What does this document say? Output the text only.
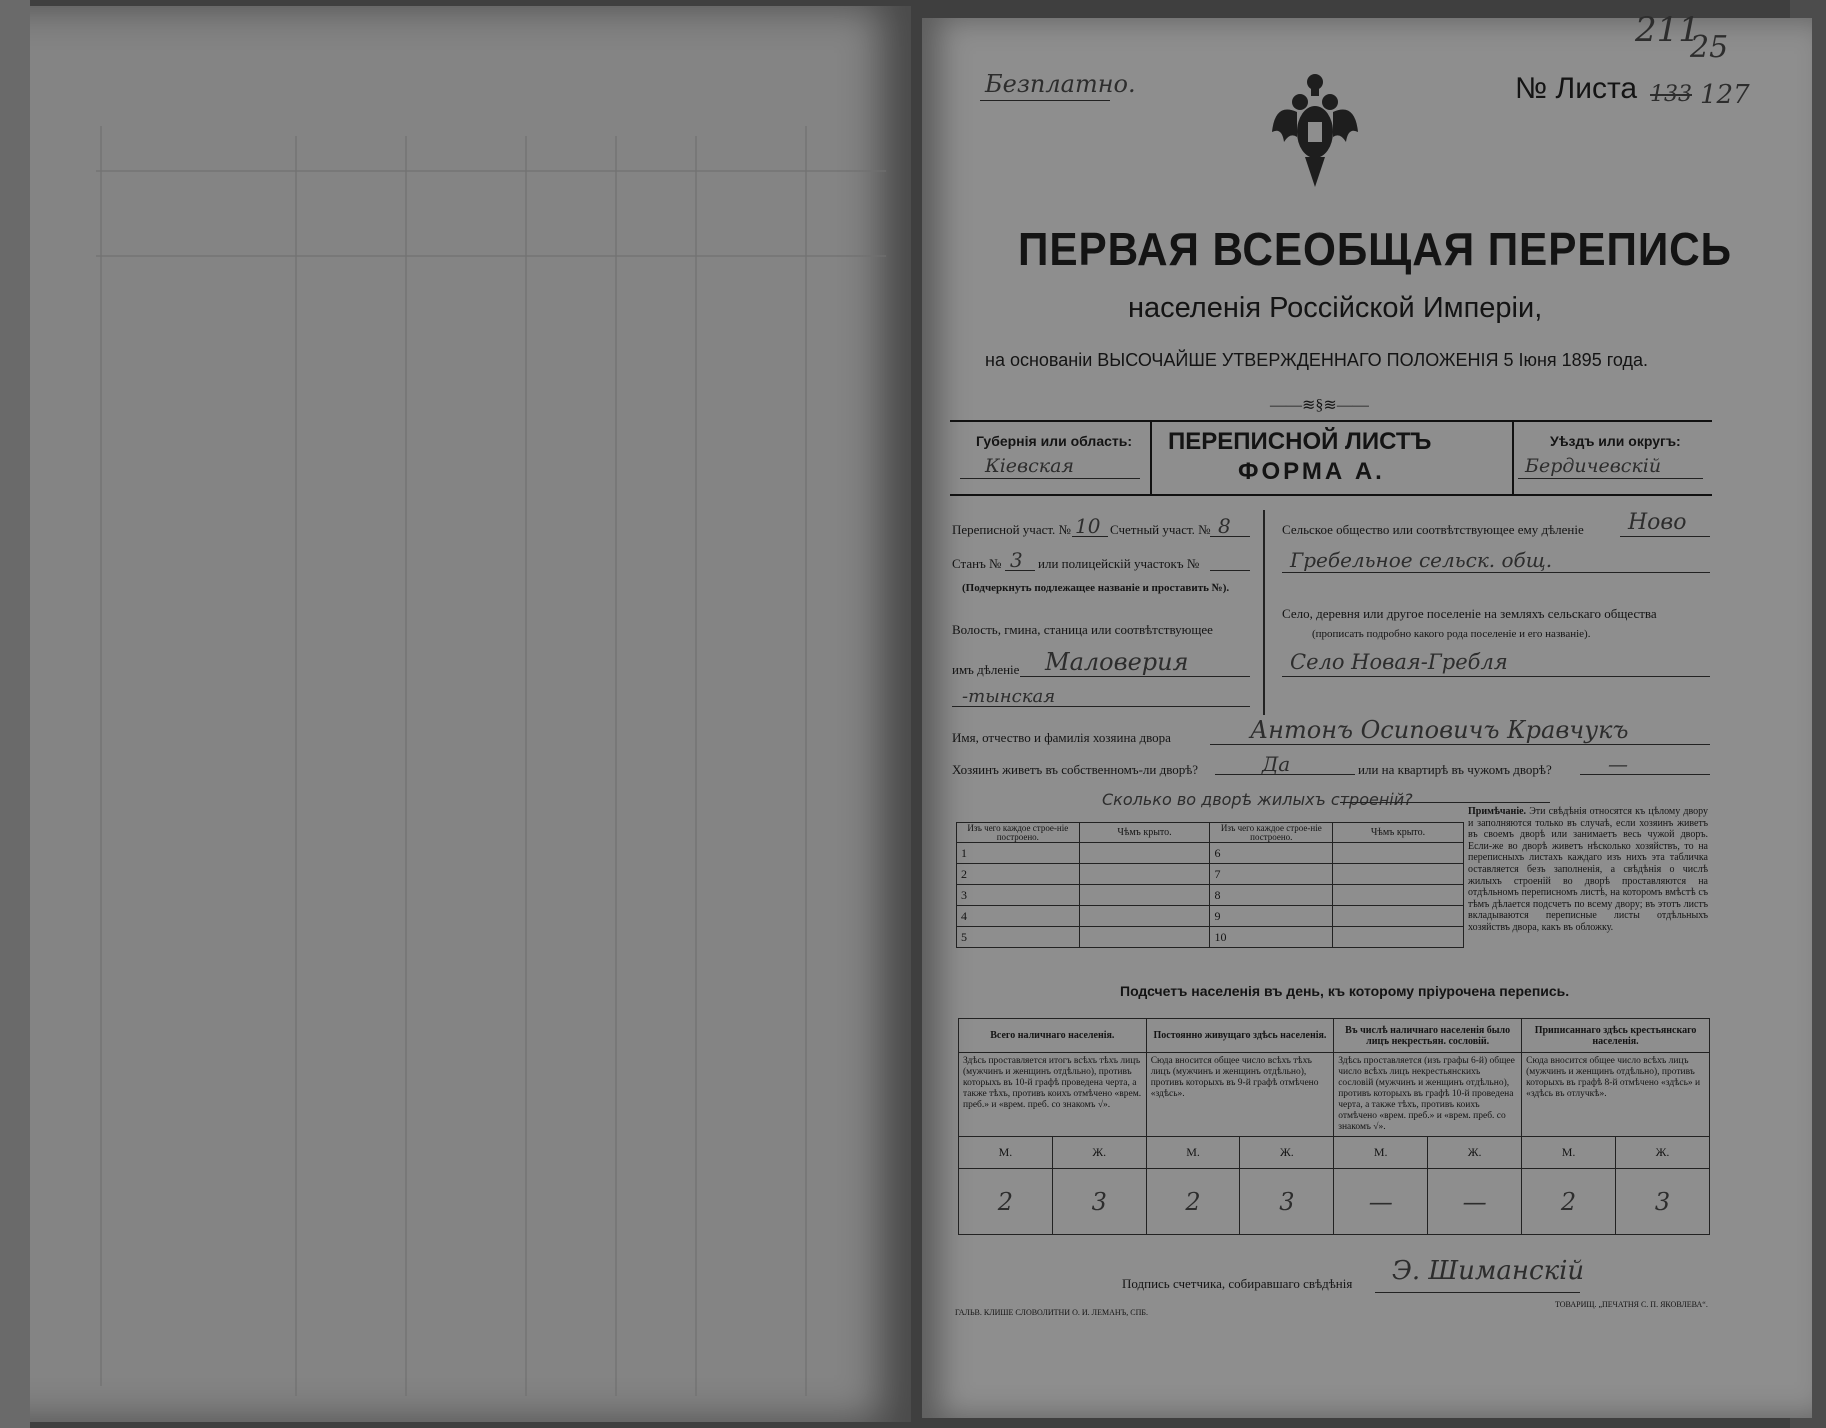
Безплатно.	№ Листа 133 127
211
25
ПЕРВАЯ ВСЕОБЩАЯ ПЕРЕПИСЬ
населенія Россійской Имперіи,
на основаніи ВЫСОЧАЙШЕ УТВЕРЖДЕННАГО ПОЛОЖЕНІЯ 5 Іюня 1895 года.
——≋§≋——
Губернія или область:
Кіевская
ПЕРЕПИСНОЙ ЛИСТЪ
ФОРМА А.
Уѣздъ или округъ:
Бердичевскій
Переписной участ. № 10 Счетный участ. № 8
Станъ № 3 или полицейскій участокъ №
(Подчеркнуть подлежащее названіе и проставить №).
Волость, гмина, станица или соотвѣтствующее
имъ дѣленіе Маловерия
-тынская
Сельское общество или соотвѣтствующее ему дѣленіе Ново
Гребельное сельск. общ.
Село, деревня или другое поселеніе на земляхъ сельскаго общества
(прописать подробно какого рода поселеніе и его названіе).
Село Новая-Гребля
Имя, отчество и фамилія хозяина двора	Антонъ Осиповичъ Кравчукъ
Хозяинъ живетъ въ собственномъ-ли дворѣ?	Да	или на квартирѣ въ чужомъ дворѣ?	—
Сколько во дворѣ жилыхъ строеній?
Изъ чего каждое строе-ніе построено.	Чѣмъ крыто.	Изъ чего каждое строе-ніе построено.	Чѣмъ крыто.
1		6	
2		7	
3		8	
4		9	
5		10	
Примѣчаніе. Эти свѣдѣнія относятся къ цѣлому двору и заполняются только въ случаѣ, если хозяинъ живетъ въ своемъ дворѣ или занимаетъ весь чужой дворъ. Если-же во дворѣ живетъ нѣсколько хозяйствъ, то на переписныхъ листахъ каждаго изъ нихъ эта табличка оставляется безъ заполненія, а свѣдѣнія о числѣ жилыхъ строеній во дворѣ проставляются на отдѣльномъ переписномъ листѣ, на которомъ вмѣстѣ съ тѣмъ дѣлается подсчетъ по всему двору; въ этотъ листъ вкладываются переписные листы отдѣльныхъ хозяйствъ двора, какъ въ обложку.
Подсчетъ населенія въ день, къ которому пріурочена перепись.
Всего наличнаго населенія.		Постоянно живущаго здѣсь населенія.		Въ числѣ наличнаго населенія было лицъ некрестьян. сословій.		Приписаннаго здѣсь крестьянскаго населенія.	
Здѣсь проставляется итогъ всѣхъ тѣхъ лицъ (мужчинъ и женщинъ отдѣльно), противъ которыхъ въ 10-й графѣ проведена черта, а также тѣхъ, противъ коихъ отмѣчено «врем. преб.» и «врем. преб. со знакомъ √».		Сюда вносится общее число всѣхъ тѣхъ лицъ (мужчинъ и женщинъ отдѣльно), противъ которыхъ въ 9-й графѣ отмѣчено «здѣсь».		Здѣсь проставляется (изъ графы 6-й) общее число всѣхъ лицъ некрестьянскихъ сословій (мужчинъ и женщинъ отдѣльно), противъ которыхъ въ графѣ 10-й проведена черта, а также тѣхъ, противъ коихъ отмѣчено «врем. преб.» и «врем. преб. со знакомъ √».		Сюда вносится общее число всѣхъ лицъ (мужчинъ и женщинъ отдѣльно), противъ которыхъ въ графѣ 8-й отмѣчено «здѣсь» и «здѣсь въ отлучкѣ».	
М.	Ж.	М.	Ж.	М.	Ж.	М.	Ж.
2	3	2	3	—	—	2	3
Подпись счетчика, собиравшаго свѣдѣнія Э. Шиманскій
ГАЛЬВ. КЛИШЕ СЛОВОЛИТНИ О. И. ЛЕМАНЪ, СПБ.
ТОВАРИЩ. „ПЕЧАТНЯ С. П. ЯКОВЛЕВА“.
